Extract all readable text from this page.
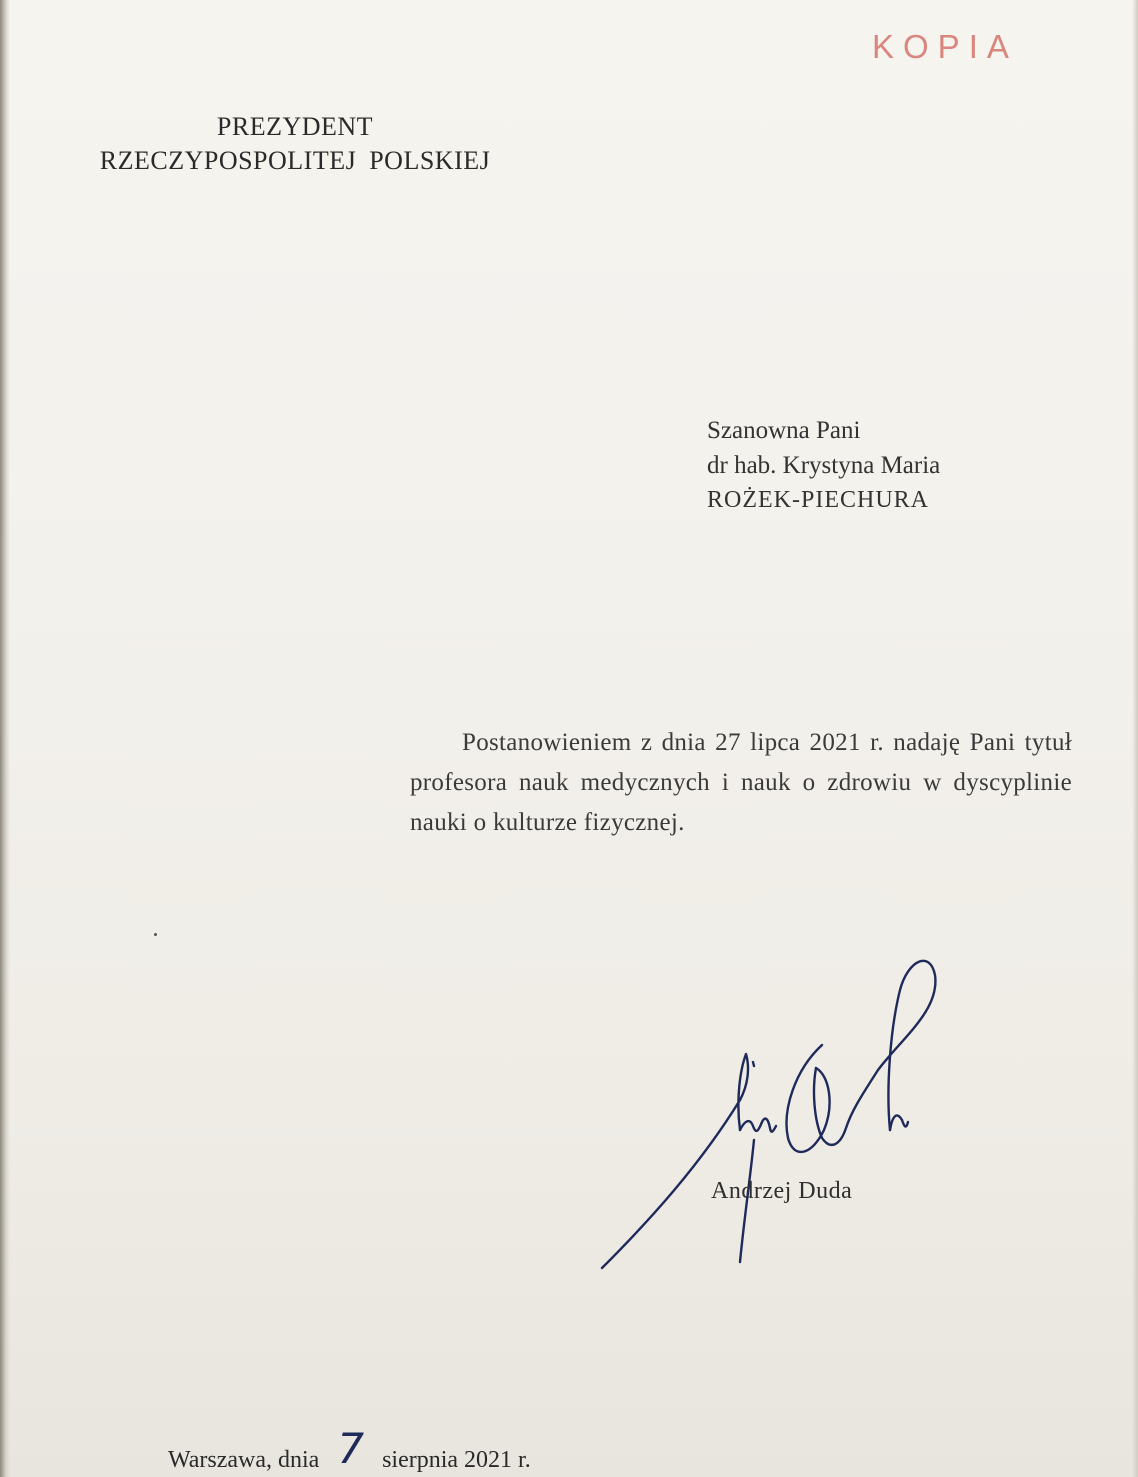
KOPIA
PREZYDENT
RZECZYPOSPOLITEJ POLSKIEJ
Szanowna Pani
dr hab. Krystyna Maria
ROŻEK-PIECHURA

Postanowieniem z dnia 27 lipca 2021 r. nadaję Pani tytuł profesora nauk medycznych i nauk o zdrowiu w dyscyplinie nauki o kulturze fizycznej.

Andrzej Duda
Warszawa, dnia 7 sierpnia 2021 r.
